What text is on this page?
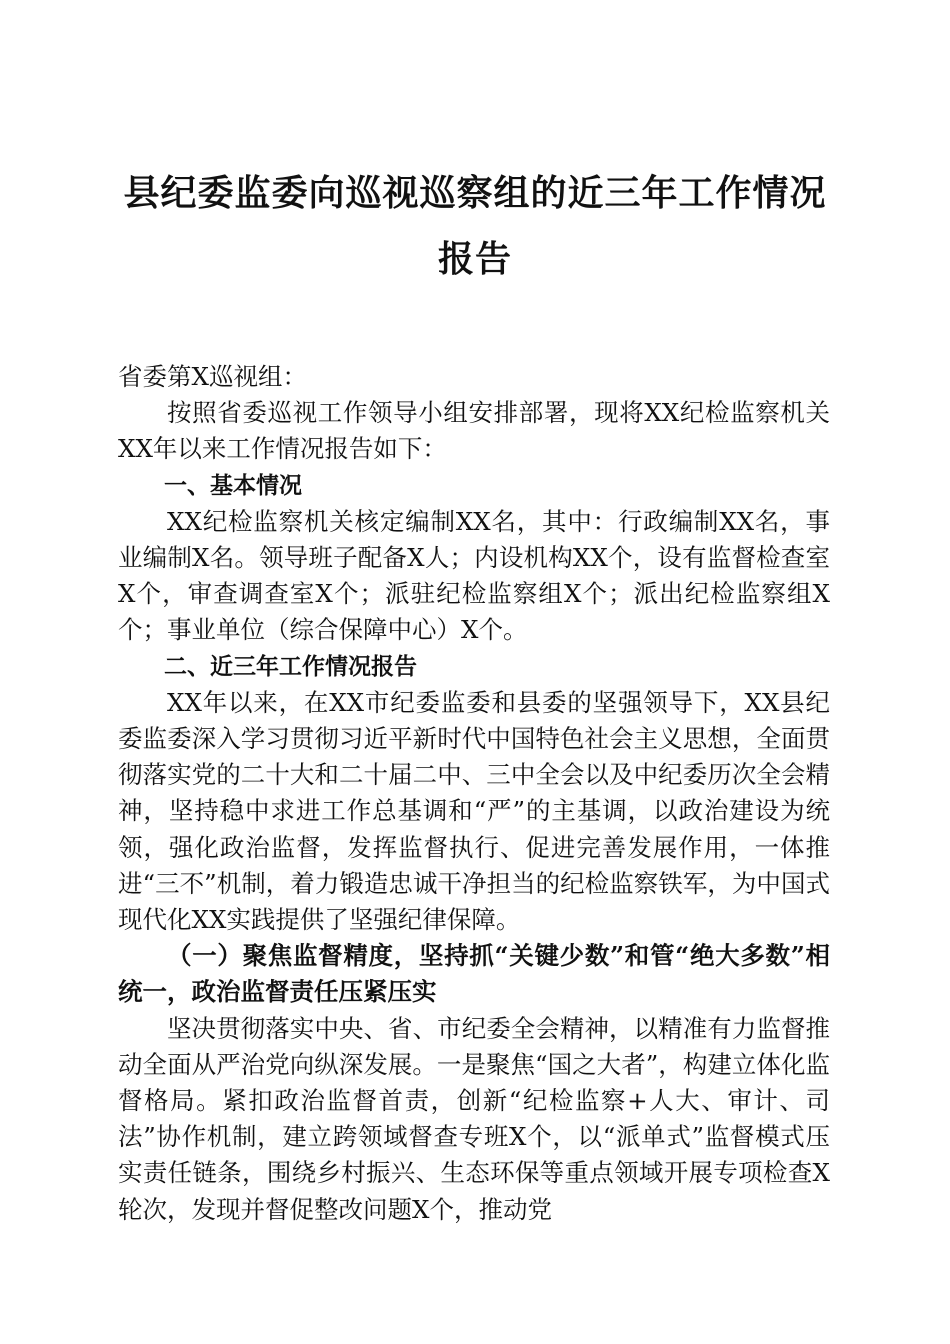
县纪委监委向巡视巡察组的近三年工作情况报告

省委第X巡视组：

按照省委巡视工作领导小组安排部署，现将XX纪检监察机关XX年以来工作情况报告如下：

一、基本情况

XX纪检监察机关核定编制XX名，其中：行政编制XX名，事业编制X名。领导班子配备X人；内设机构XX个，设有监督检查室X个，审查调查室X个；派驻纪检监察组X个；派出纪检监察组X个；事业单位（综合保障中心）X个。

二、近三年工作情况报告

XX年以来，在XX市纪委监委和县委的坚强领导下，XX县纪委监委深入学习贯彻习近平新时代中国特色社会主义思想，全面贯彻落实党的二十大和二十届二中、三中全会以及中纪委历次全会精神，坚持稳中求进工作总基调和“严”的主基调，以政治建设为统领，强化政治监督，发挥监督执行、促进完善发展作用，一体推进“三不”机制，着力锻造忠诚干净担当的纪检监察铁军，为中国式现代化XX实践提供了坚强纪律保障。

（一）聚焦监督精度，坚持抓“关键少数”和管“绝大多数”相统一，政治监督责任压紧压实

坚决贯彻落实中央、省、市纪委全会精神，以精准有力监督推动全面从严治党向纵深发展。一是聚焦“国之大者”，构建立体化监督格局。紧扣政治监督首责，创新“纪检监察+人大、审计、司法”协作机制，建立跨领域督查专班X个，以“派单式”监督模式压实责任链条，围绕乡村振兴、生态环保等重点领域开展专项检查X轮次，发现并督促整改问题X个，推动党
